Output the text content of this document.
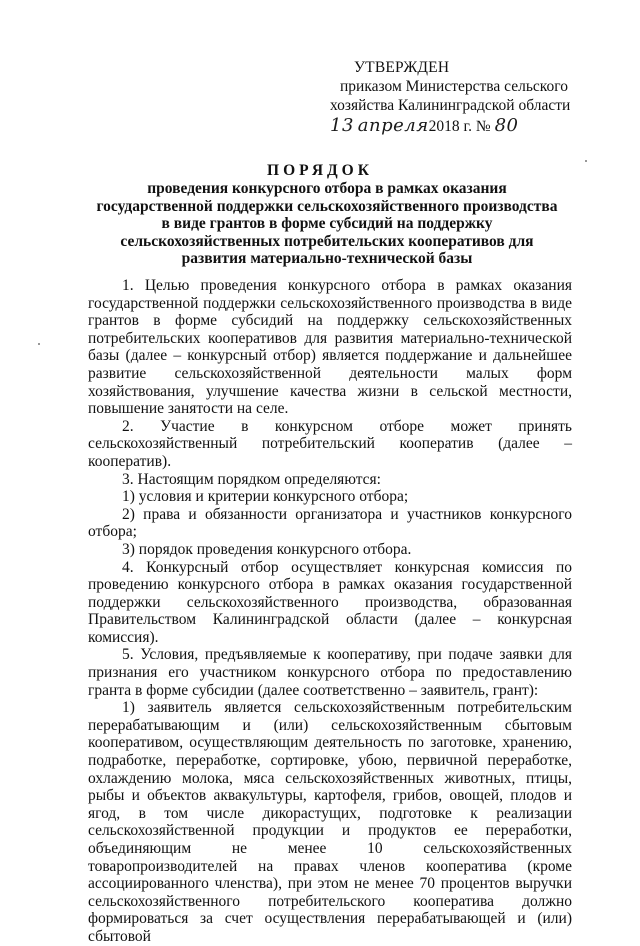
УТВЕРЖДЕН
приказом Министерства сельского
хозяйства Калининградской области
13 апреля2018 г. № 80
ПОРЯДОК
проведения конкурсного отбора в рамках оказания государственной поддержки сельскохозяйственного производства в виде грантов в форме субсидий на поддержку сельскохозяйственных потребительских кооперативов для развития материально-технической базы

1. Целью проведения конкурсного отбора в рамках оказания государственной поддержки сельскохозяйственного производства в виде грантов в форме субсидий на поддержку сельскохозяйственных потребительских кооперативов для развития материально-технической базы (далее – конкурсный отбор) является поддержание и дальнейшее развитие сельскохозяйственной деятельности малых форм хозяйствования, улучшение качества жизни в сельской местности, повышение занятости на селе.

2. Участие в конкурсном отборе может принять сельскохозяйственный потребительский кооператив (далее – кооператив).

3. Настоящим порядком определяются:

1) условия и критерии конкурсного отбора;

2) права и обязанности организатора и участников конкурсного отбора;

3) порядок проведения конкурсного отбора.

4. Конкурсный отбор осуществляет конкурсная комиссия по проведению конкурсного отбора в рамках оказания государственной поддержки сельскохозяйственного производства, образованная Правительством Калининградской области (далее – конкурсная комиссия).

5. Условия, предъявляемые к кооперативу, при подаче заявки для признания его участником конкурсного отбора по предоставлению гранта в форме субсидии (далее соответственно – заявитель, грант):

1) заявитель является сельскохозяйственным потребительским перерабатывающим и (или) сельскохозяйственным сбытовым кооперативом, осуществляющим деятельность по заготовке, хранению, подработке, переработке, сортировке, убою, первичной переработке, охлаждению молока, мяса сельскохозяйственных животных, птицы, рыбы и объектов аквакультуры, картофеля, грибов, овощей, плодов и ягод, в том числе дикорастущих, подготовке к реализации сельскохозяйственной продукции и продуктов ее переработки, объединяющим не менее 10 сельскохозяйственных товаропроизводителей на правах членов кооператива (кроме ассоциированного членства), при этом не менее 70 процентов выручки сельскохозяйственного потребительского кооператива должно формироваться за счет осуществления перерабатывающей и (или) сбытовой
